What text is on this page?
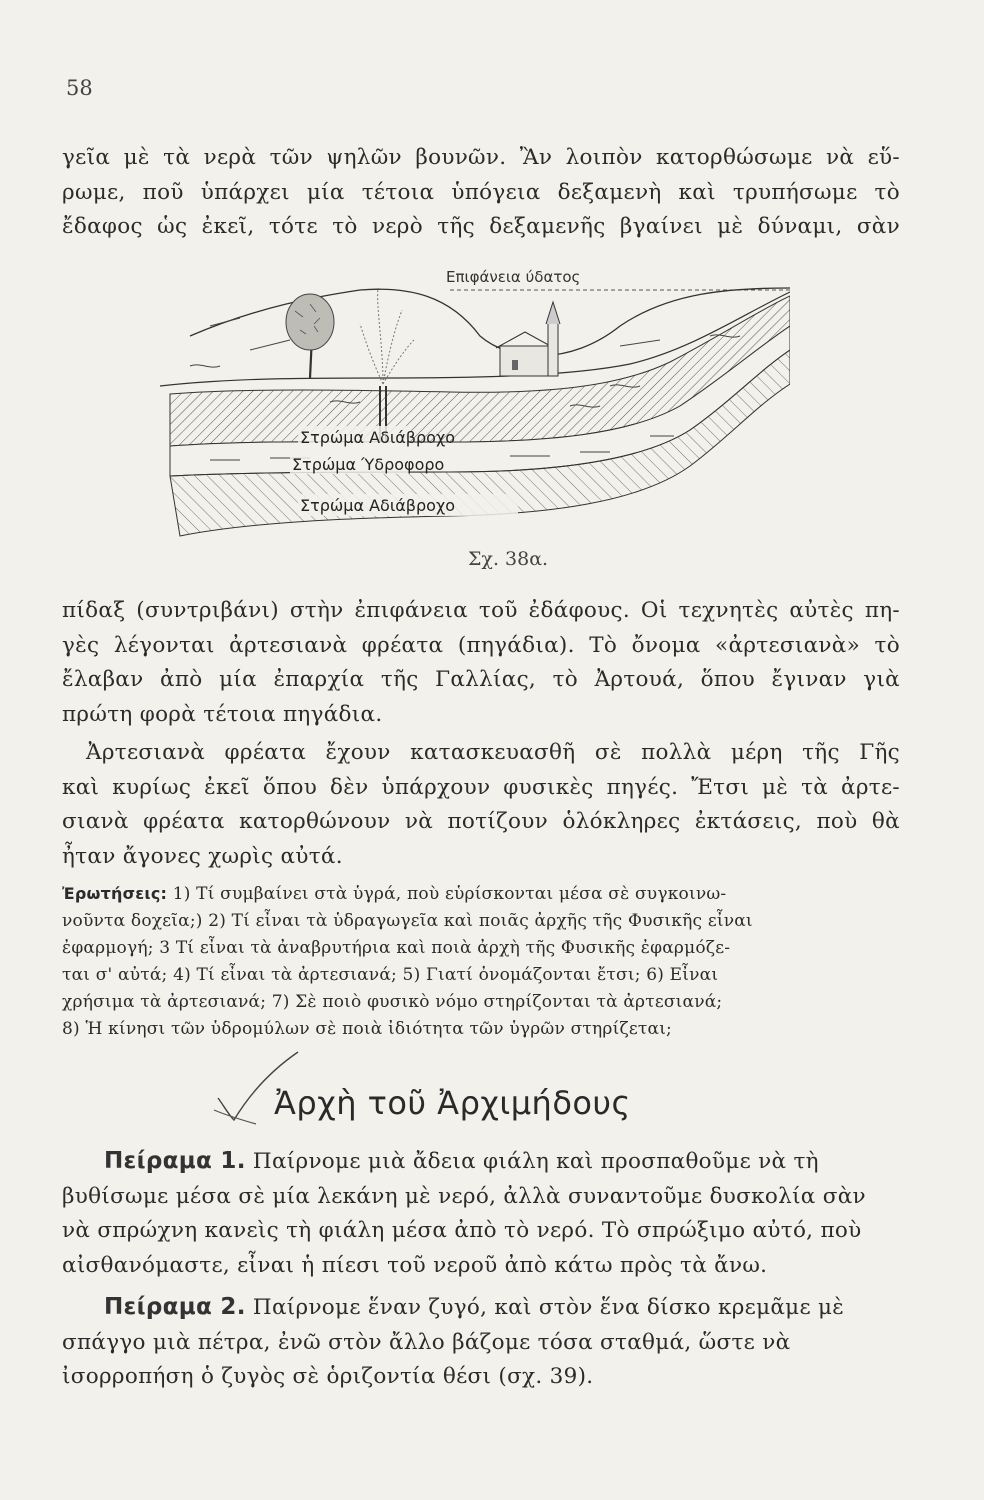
58
γεῖα μὲ τὰ νερὰ τῶν ψηλῶν βουνῶν. Ἂν λοιπὸν κατορθώσωμε νὰ εὕ-
ρωμε, ποῦ ὑπάρχει μία τέτοια ὑπόγεια δεξαμενὴ καὶ τρυπήσωμε τὸ
ἔδαφος ὡς ἐκεῖ, τότε τὸ νερὸ τῆς δεξαμενῆς βγαίνει μὲ δύναμι, σὰν
Επιφάνεια ύδατος
Στρώμα Αδιάβροχο
Στρώμα Ύδροφορο
Στρώμα Αδιάβροχο
Σχ. 38α.
πίδαξ (συντριβάνι) στὴν ἐπιφάνεια τοῦ ἐδάφους. Οἱ τεχνητὲς αὐτὲς πη-
γὲς λέγονται ἀρτεσιανὰ φρέατα (πηγάδια). Τὸ ὄνομα «ἀρτεσιανὰ» τὸ
ἔλαβαν ἀπὸ μία ἐπαρχία τῆς Γαλλίας, τὸ Ἀρτουά, ὅπου ἔγιναν γιὰ
πρώτη φορὰ τέτοια πηγάδια.
Ἀρτεσιανὰ φρέατα ἔχουν κατασκευασθῆ σὲ πολλὰ μέρη τῆς Γῆς
καὶ κυρίως ἐκεῖ ὅπου δὲν ὑπάρχουν φυσικὲς πηγές. Ἔτσι μὲ τὰ ἀρτε-
σιανὰ φρέατα κατορθώνουν νὰ ποτίζουν ὁλόκληρες ἐκτάσεις, ποὺ θὰ
ἦταν ἄγονες χωρὶς αὐτά.
Ἐρωτήσεις: 1) Τί συμβαίνει στὰ ὑγρά, ποὺ εὑρίσκονται μέσα σὲ συγκοινω-
νοῦντα δοχεῖα;) 2) Τί εἶναι τὰ ὑδραγωγεῖα καὶ ποιᾶς ἀρχῆς τῆς Φυσικῆς εἶναι
ἐφαρμογή; 3 Τί εἶναι τὰ ἀναβρυτήρια καὶ ποιὰ ἀρχὴ τῆς Φυσικῆς ἐφαρμόζε-
ται σ' αὐτά; 4) Τί εἶναι τὰ ἀρτεσιανά; 5) Γιατί ὀνομάζονται ἔτσι; 6) Εἶναι
χρήσιμα τὰ ἀρτεσιανά; 7) Σὲ ποιὸ φυσικὸ νόμο στηρίζονται τὰ ἀρτεσιανά;
8) Ἡ κίνησι τῶν ὑδρομύλων σὲ ποιὰ ἰδιότητα τῶν ὑγρῶν στηρίζεται;
Ἀρχὴ τοῦ Ἀρχιμήδους
Πείραμα 1. Παίρνομε μιὰ ἄδεια φιάλη καὶ προσπαθοῦμε νὰ τὴ
βυθίσωμε μέσα σὲ μία λεκάνη μὲ νερό, ἀλλὰ συναντοῦμε δυσκολία σὰν
νὰ σπρώχνη κανεὶς τὴ φιάλη μέσα ἀπὸ τὸ νερό. Τὸ σπρώξιμο αὐτό, ποὺ
αἰσθανόμαστε, εἶναι ἡ πίεσι τοῦ νεροῦ ἀπὸ κάτω πρὸς τὰ ἄνω.
Πείραμα 2. Παίρνομε ἕναν ζυγό, καὶ στὸν ἕνα δίσκο κρεμᾶμε μὲ
σπάγγο μιὰ πέτρα, ἐνῶ στὸν ἄλλο βάζομε τόσα σταθμά, ὥστε νὰ
ἰσορροπήση ὁ ζυγὸς σὲ ὁριζοντία θέσι (σχ. 39).
